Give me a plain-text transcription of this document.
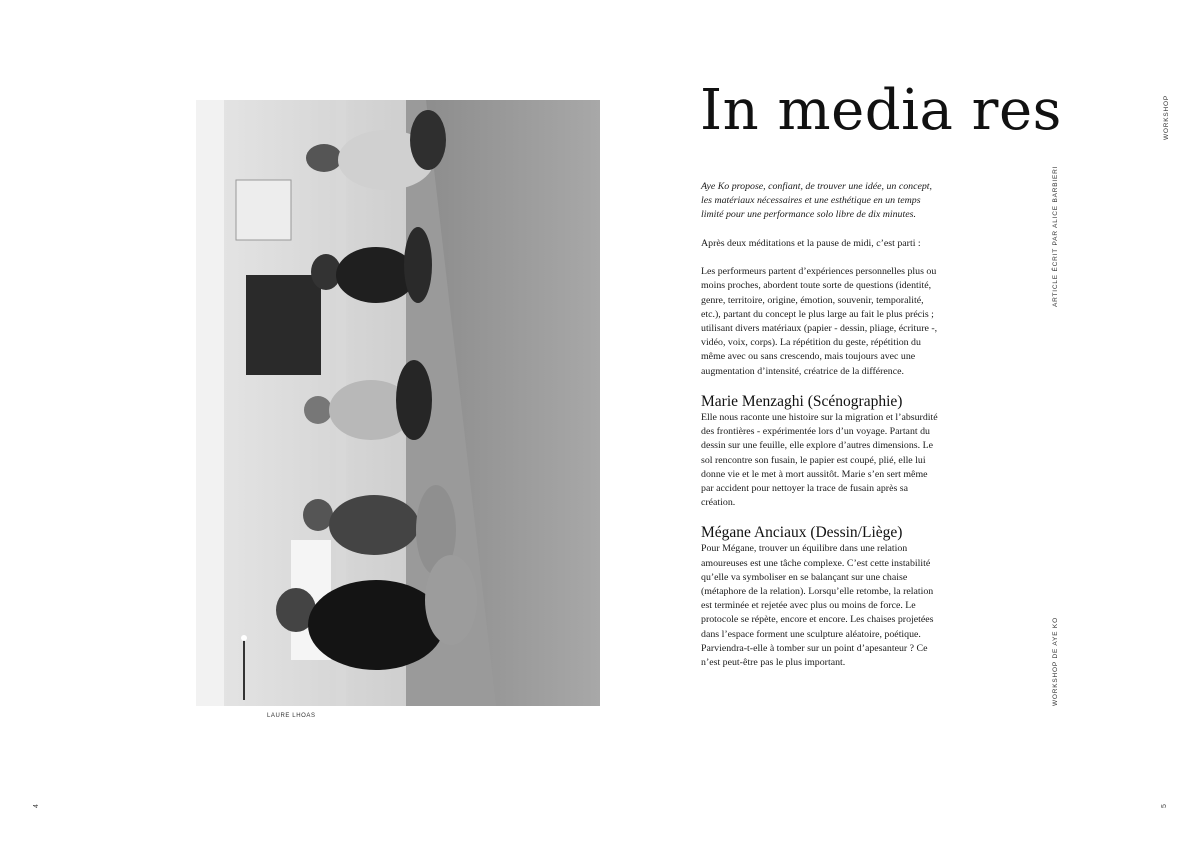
LAURE LHOAS
In media res

Aye Ko propose, confiant, de trouver une idée, un concept, les matériaux nécessaires et une esthétique en un temps limité pour une performance solo libre de dix minutes.

Après deux méditations et la pause de midi, c’est parti :

Les performeurs partent d’expériences personnelles plus ou moins proches, abordent toute sorte de questions (identité, genre, territoire, origine, émotion, souvenir, temporalité, etc.), partant du concept le plus large au fait le plus précis ; utilisant divers matériaux (papier - dessin, pliage, écriture -, vidéo, voix, corps). La répétition du geste, répétition du même avec ou sans crescendo, mais toujours avec une augmentation d’intensité, créatrice de la différence.

Marie Menzaghi (Scénographie)

Elle nous raconte une histoire sur la migration et l’absurdité des frontières - expérimentée lors d’un voyage. Partant du dessin sur une feuille, elle explore d’autres dimensions. Le sol rencontre son fusain, le papier est coupé, plié, elle lui donne vie et le met à mort aussitôt. Marie s’en sert même par accident pour nettoyer la trace de fusain après sa création.

Mégane Anciaux (Dessin/Liège)

Pour Mégane, trouver un équilibre dans une relation amoureuses est une tâche complexe. C’est cette instabilité qu’elle va symboliser en se balançant sur une chaise (métaphore de la relation). Lorsqu’elle retombe, la relation est terminée et rejetée avec plus ou moins de force. Le protocole se répète, encore et encore. Les chaises projetées dans l’espace forment une sculpture aléatoire, poétique. Parviendra-t-elle à tomber sur un point d’apesanteur ? Ce n’est peut-être pas le plus important.

ARTICLE ÉCRIT PAR ALICE BARBIERI
WORKSHOP DE AYE KO
WORKSHOP
4	5
